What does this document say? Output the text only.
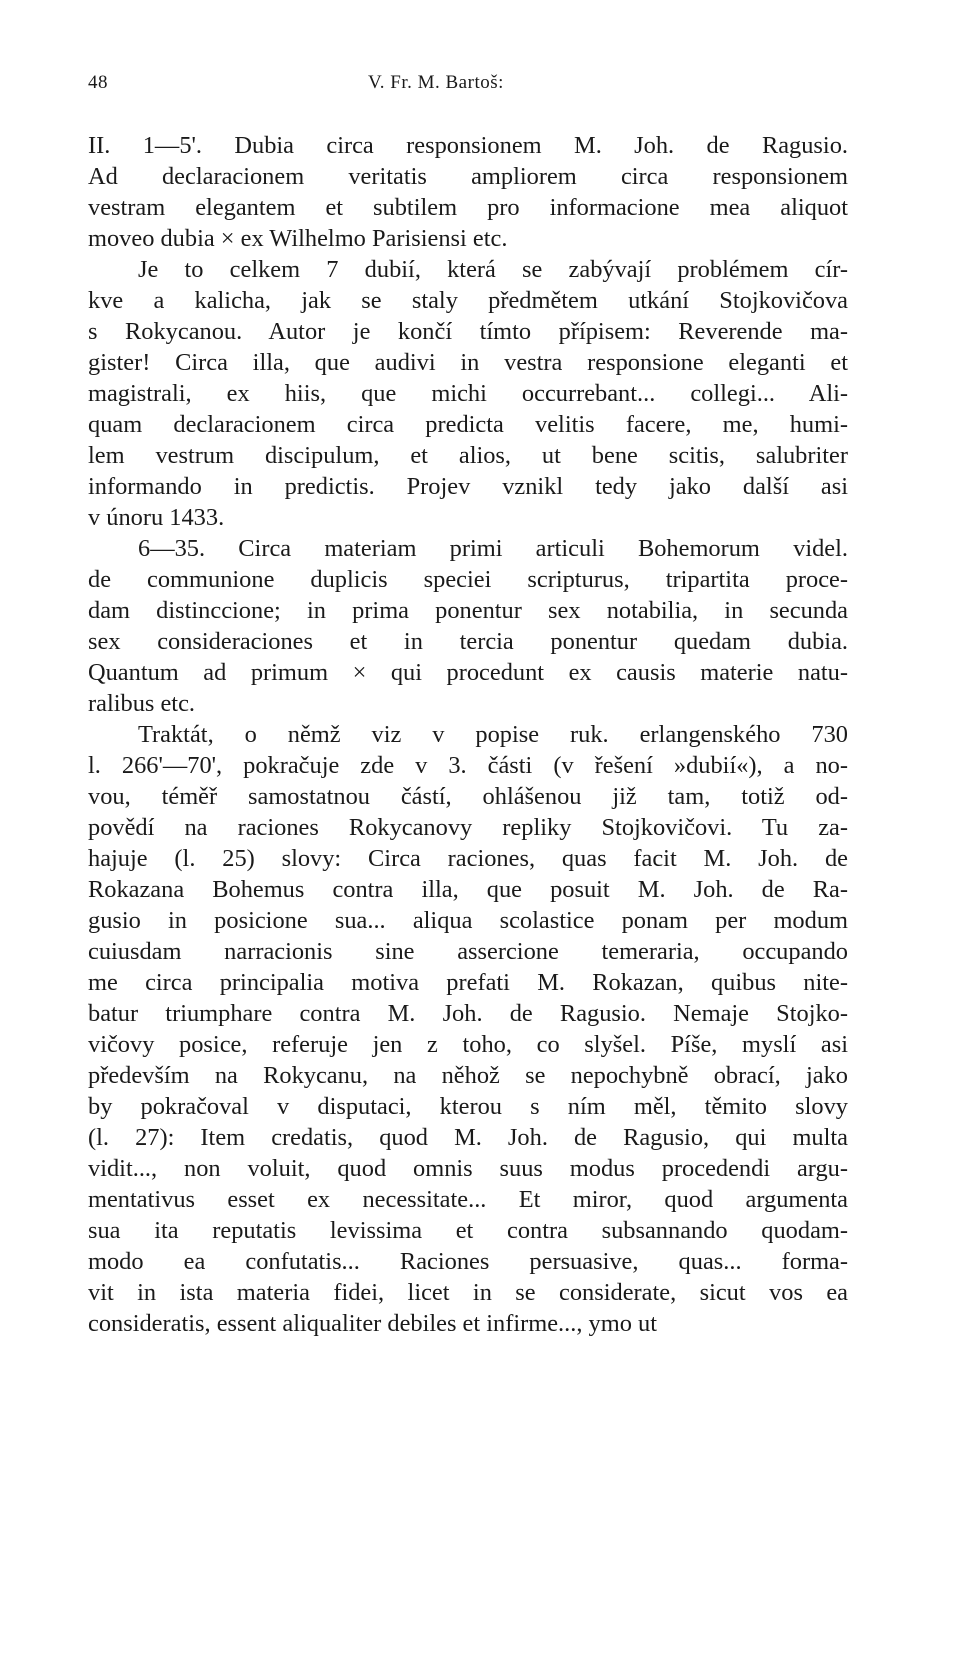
48	V. Fr. M. Bartoš:
II. 1—5'. Dubia circa responsionem M. Joh. de Ragusio.
Ad declaracionem veritatis ampliorem circa responsionem
vestram elegantem et subtilem pro informacione mea aliquot
moveo dubia × ex Wilhelmo Parisiensi etc.
Je to celkem 7 dubií, která se zabývají problémem cír-
kve a kalicha, jak se staly předmětem utkání Stojkovičova
s Rokycanou. Autor je končí tímto přípisem: Reverende ma-
gister! Circa illa, que audivi in vestra responsione eleganti et
magistrali, ex hiis, que michi occurrebant... collegi... Ali-
quam declaracionem circa predicta velitis facere, me, humi-
lem vestrum discipulum, et alios, ut bene scitis, salubriter
informando in predictis. Projev vznikl tedy jako další asi
v únoru 1433.
6—35. Circa materiam primi articuli Bohemorum videl.
de communione duplicis speciei scripturus, tripartita proce-
dam distinccione; in prima ponentur sex notabilia, in secunda
sex consideraciones et in tercia ponentur quedam dubia.
Quantum ad primum × qui procedunt ex causis materie natu-
ralibus etc.
Traktát, o němž viz v popise ruk. erlangenského 730
l. 266'—70', pokračuje zde v 3. části (v řešení »dubií«), a no-
vou, téměř samostatnou částí, ohlášenou již tam, totiž od-
povědí na raciones Rokycanovy repliky Stojkovičovi. Tu za-
hajuje (l. 25) slovy: Circa raciones, quas facit M. Joh. de
Rokazana Bohemus contra illa, que posuit M. Joh. de Ra-
gusio in posicione sua... aliqua scolastice ponam per modum
cuiusdam narracionis sine assercione temeraria, occupando
me circa principalia motiva prefati M. Rokazan, quibus nite-
batur triumphare contra M. Joh. de Ragusio. Nemaje Stojko-
vičovy posice, referuje jen z toho, co slyšel. Píše, myslí asi
především na Rokycanu, na něhož se nepochybně obrací, jako
by pokračoval v disputaci, kterou s ním měl, těmito slovy
(l. 27): Item credatis, quod M. Joh. de Ragusio, qui multa
vidit..., non voluit, quod omnis suus modus procedendi argu-
mentativus esset ex necessitate... Et miror, quod argumenta
sua ita reputatis levissima et contra subsannando quodam-
modo ea confutatis... Raciones persuasive, quas... forma-
vit in ista materia fidei, licet in se considerate, sicut vos ea
consideratis, essent aliqualiter debiles et infirme..., ymo ut
